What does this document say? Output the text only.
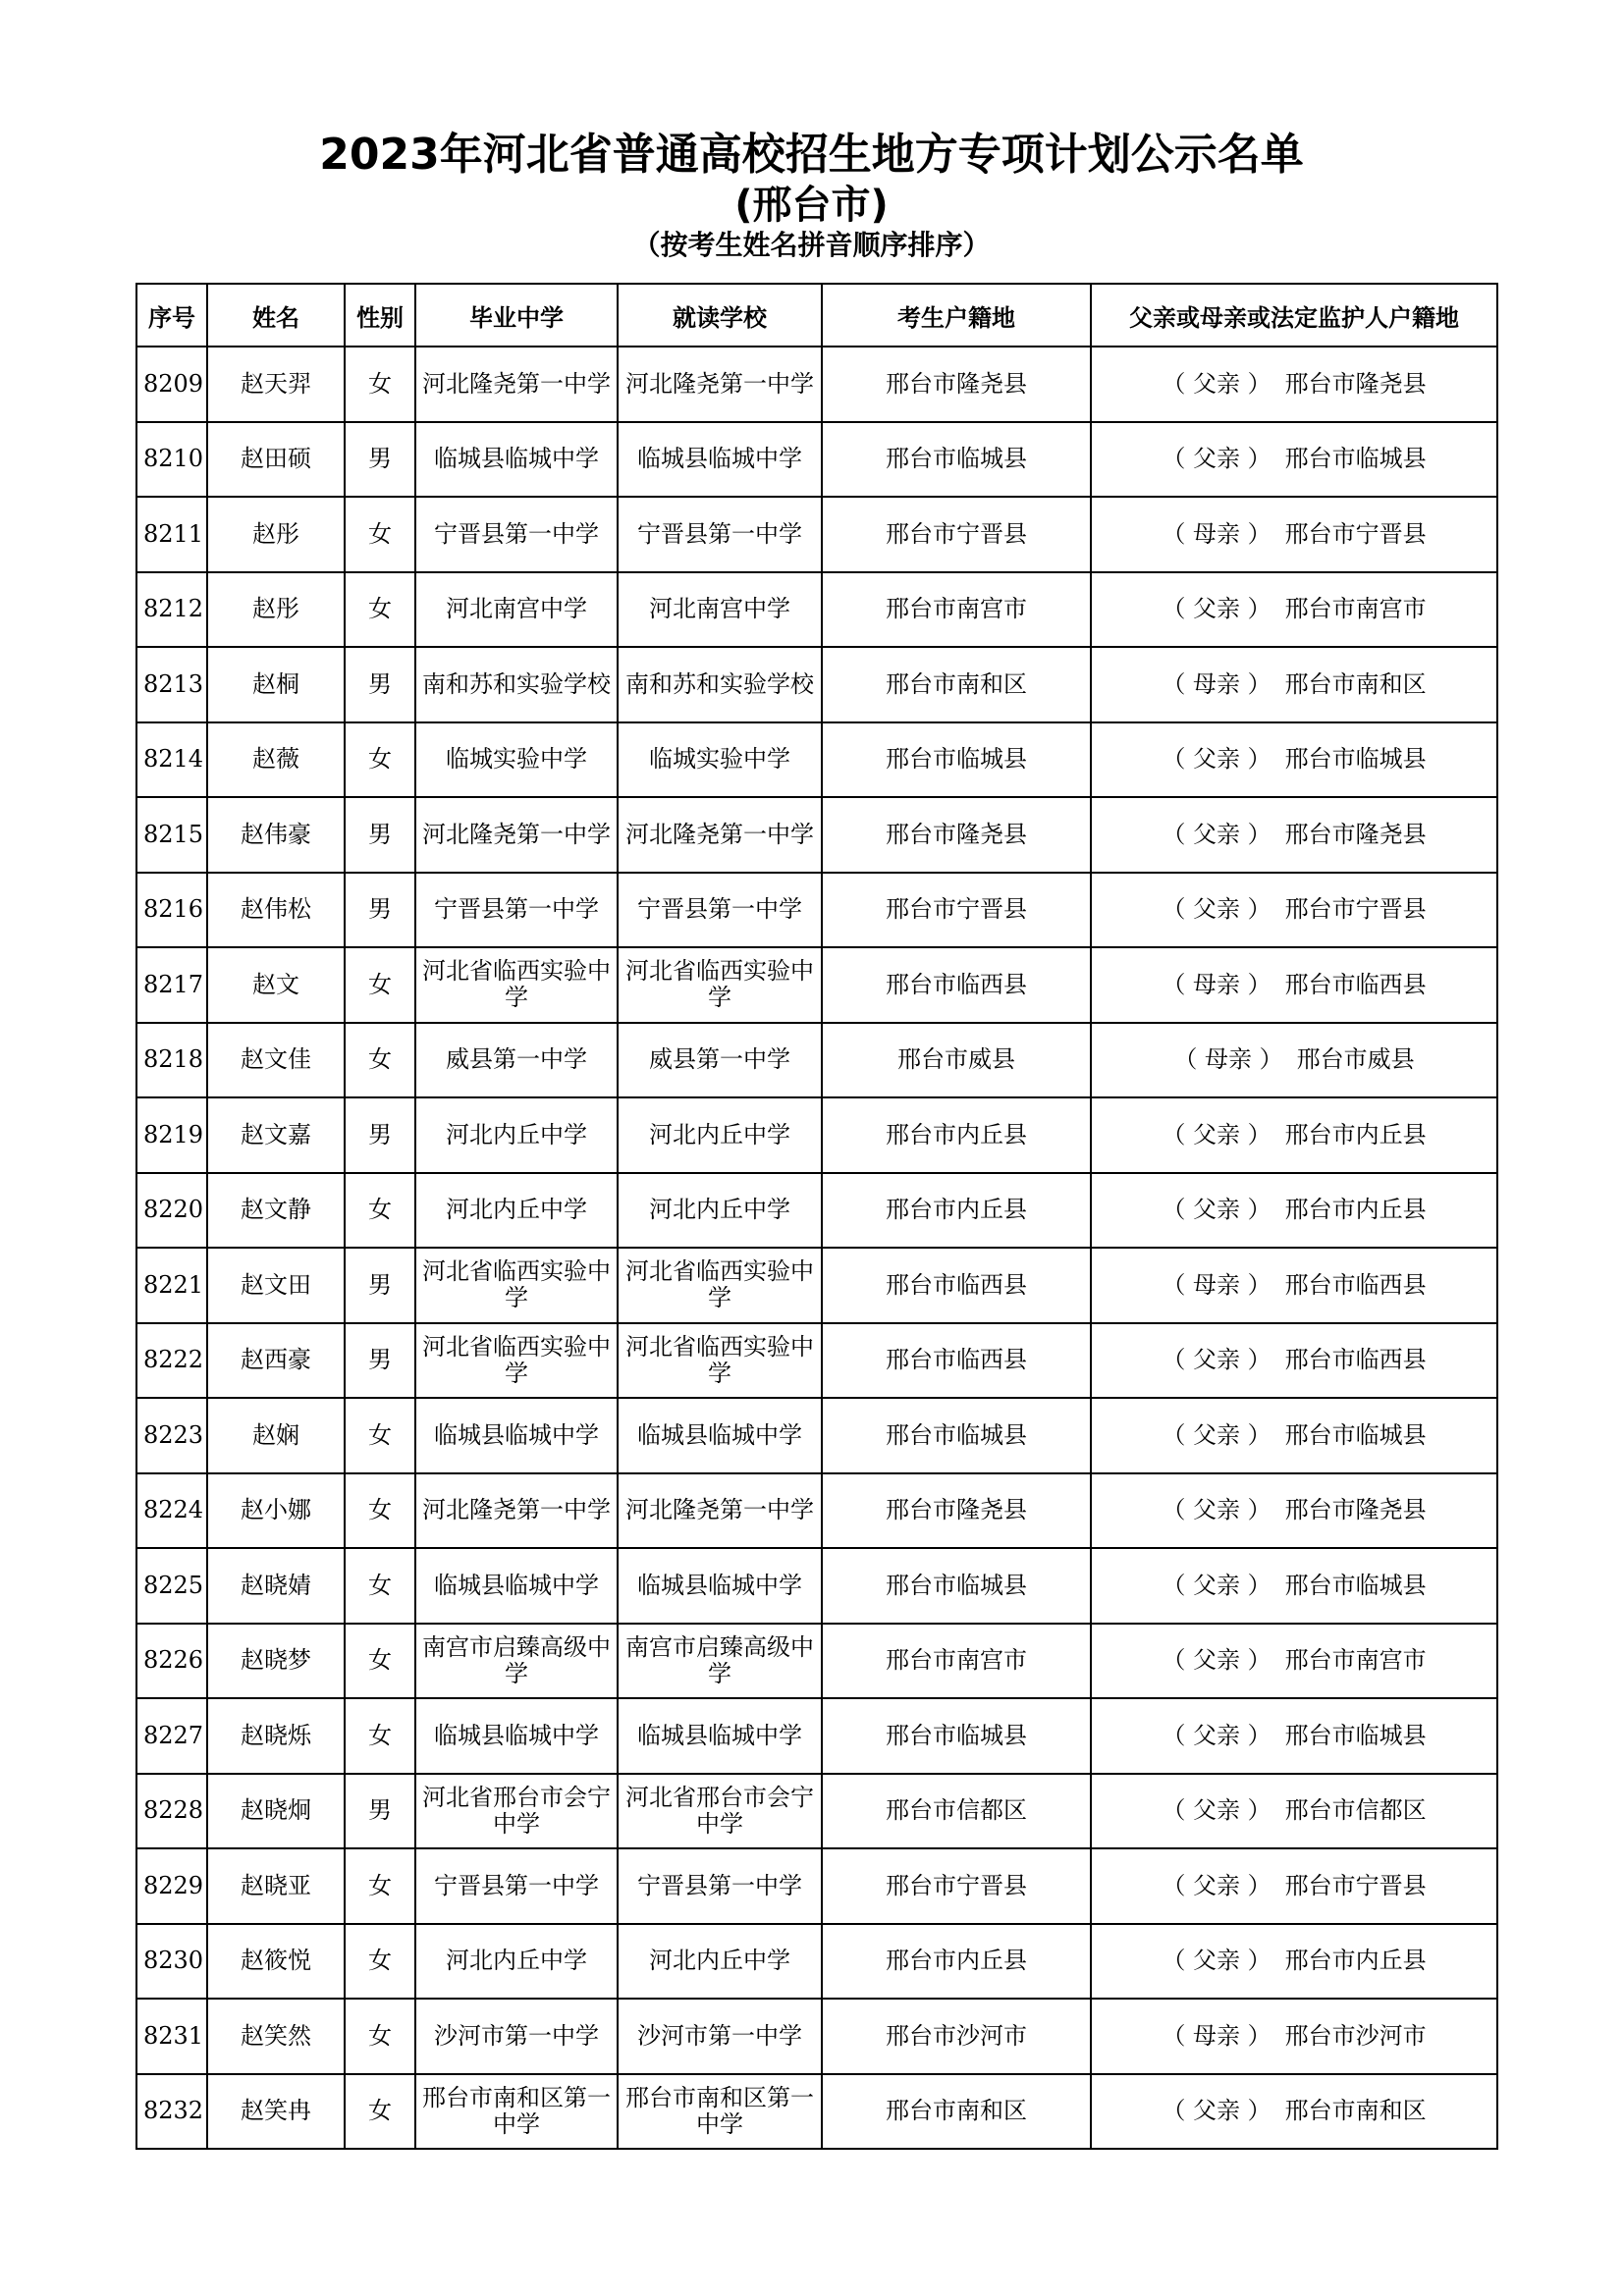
2023年河北省普通高校招生地方专项计划公示名单
(邢台市)
（按考生姓名拼音顺序排序）
序号	姓名	性别	毕业中学	就读学校	考生户籍地	父亲或母亲或法定监护人户籍地
8209	赵天羿	女	河北隆尧第一中学	河北隆尧第一中学	邢台市隆尧县	（ 父亲 ） 邢台市隆尧县
8210	赵田硕	男	临城县临城中学	临城县临城中学	邢台市临城县	（ 父亲 ） 邢台市临城县
8211	赵彤	女	宁晋县第一中学	宁晋县第一中学	邢台市宁晋县	（ 母亲 ） 邢台市宁晋县
8212	赵彤	女	河北南宫中学	河北南宫中学	邢台市南宫市	（ 父亲 ） 邢台市南宫市
8213	赵桐	男	南和苏和实验学校	南和苏和实验学校	邢台市南和区	（ 母亲 ） 邢台市南和区
8214	赵薇	女	临城实验中学	临城实验中学	邢台市临城县	（ 父亲 ） 邢台市临城县
8215	赵伟豪	男	河北隆尧第一中学	河北隆尧第一中学	邢台市隆尧县	（ 父亲 ） 邢台市隆尧县
8216	赵伟松	男	宁晋县第一中学	宁晋县第一中学	邢台市宁晋县	（ 父亲 ） 邢台市宁晋县
8217	赵文	女	河北省临西实验中学	河北省临西实验中学	邢台市临西县	（ 母亲 ） 邢台市临西县
8218	赵文佳	女	威县第一中学	威县第一中学	邢台市威县	（ 母亲 ） 邢台市威县
8219	赵文嘉	男	河北内丘中学	河北内丘中学	邢台市内丘县	（ 父亲 ） 邢台市内丘县
8220	赵文静	女	河北内丘中学	河北内丘中学	邢台市内丘县	（ 父亲 ） 邢台市内丘县
8221	赵文田	男	河北省临西实验中学	河北省临西实验中学	邢台市临西县	（ 母亲 ） 邢台市临西县
8222	赵西豪	男	河北省临西实验中学	河北省临西实验中学	邢台市临西县	（ 父亲 ） 邢台市临西县
8223	赵娴	女	临城县临城中学	临城县临城中学	邢台市临城县	（ 父亲 ） 邢台市临城县
8224	赵小娜	女	河北隆尧第一中学	河北隆尧第一中学	邢台市隆尧县	（ 父亲 ） 邢台市隆尧县
8225	赵晓婧	女	临城县临城中学	临城县临城中学	邢台市临城县	（ 父亲 ） 邢台市临城县
8226	赵晓梦	女	南宫市启臻高级中学	南宫市启臻高级中学	邢台市南宫市	（ 父亲 ） 邢台市南宫市
8227	赵晓烁	女	临城县临城中学	临城县临城中学	邢台市临城县	（ 父亲 ） 邢台市临城县
8228	赵晓炯	男	河北省邢台市会宁中学	河北省邢台市会宁中学	邢台市信都区	（ 父亲 ） 邢台市信都区
8229	赵晓亚	女	宁晋县第一中学	宁晋县第一中学	邢台市宁晋县	（ 父亲 ） 邢台市宁晋县
8230	赵筱悦	女	河北内丘中学	河北内丘中学	邢台市内丘县	（ 父亲 ） 邢台市内丘县
8231	赵笑然	女	沙河市第一中学	沙河市第一中学	邢台市沙河市	（ 母亲 ） 邢台市沙河市
8232	赵笑冉	女	邢台市南和区第一中学	邢台市南和区第一中学	邢台市南和区	（ 父亲 ） 邢台市南和区
